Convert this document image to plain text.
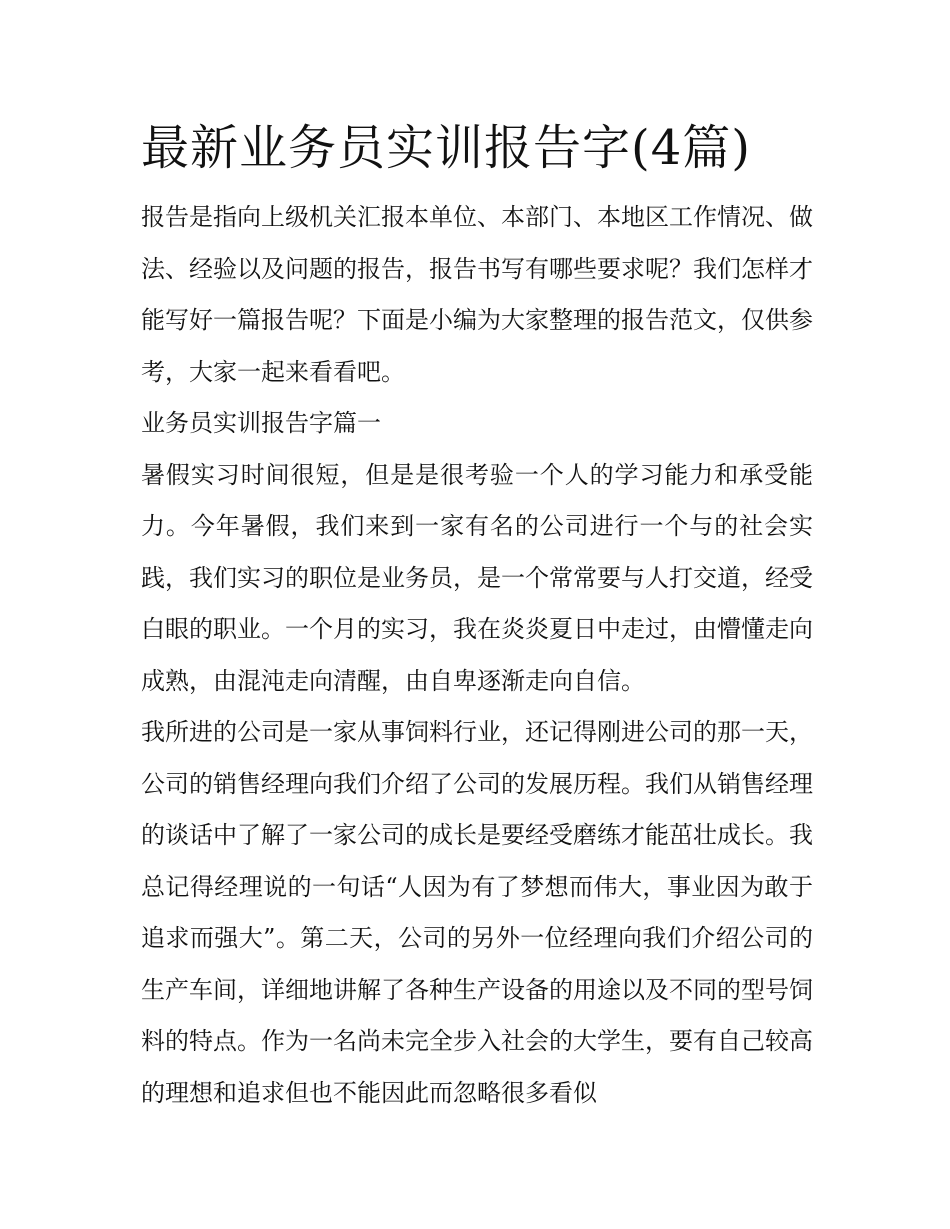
最新业务员实训报告字(4篇)

报告是指向上级机关汇报本单位、本部门、本地区工作情况、做法、经验以及问题的报告，报告书写有哪些要求呢？我们怎样才能写好一篇报告呢？下面是小编为大家整理的报告范文，仅供参考，大家一起来看看吧。

业务员实训报告字篇一

暑假实习时间很短，但是是很考验一个人的学习能力和承受能力。今年暑假，我们来到一家有名的公司进行一个与的社会实践，我们实习的职位是业务员，是一个常常要与人打交道，经受白眼的职业。一个月的实习，我在炎炎夏日中走过，由懵懂走向成熟，由混沌走向清醒，由自卑逐渐走向自信。

我所进的公司是一家从事饲料行业，还记得刚进公司的那一天，公司的销售经理向我们介绍了公司的发展历程。我们从销售经理的谈话中了解了一家公司的成长是要经受磨练才能茁壮成长。我总记得经理说的一句话“人因为有了梦想而伟大，事业因为敢于追求而强大”。第二天，公司的另外一位经理向我们介绍公司的生产车间，详细地讲解了各种生产设备的用途以及不同的型号饲料的特点。作为一名尚未完全步入社会的大学生，要有自己较高的理想和追求但也不能因此而忽略很多看似
